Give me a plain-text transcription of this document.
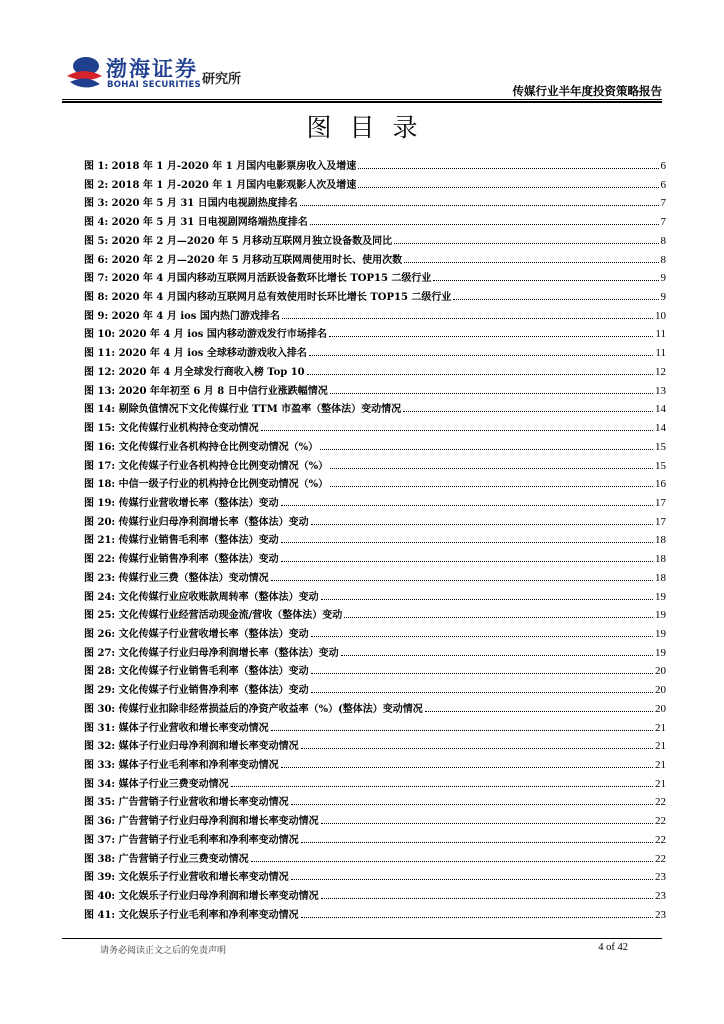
渤海证券
BOHAI SECURITIES 研究所
传媒行业半年度投资策略报告
图目录
图 1: 2018 年 1 月-2020 年 1 月国内电影票房收入及增速	6
图 2: 2018 年 1 月-2020 年 1 月国内电影观影人次及增速	6
图 3: 2020 年 5 月 31 日国内电视剧热度排名	7
图 4: 2020 年 5 月 31 日电视剧网络端热度排名	7
图 5: 2020 年 2 月—2020 年 5 月移动互联网月独立设备数及同比	8
图 6: 2020 年 2 月—2020 年 5 月移动互联网周使用时长、使用次数	8
图 7: 2020 年 4 月国内移动互联网月活跃设备数环比增长 TOP15 二级行业	9
图 8: 2020 年 4 月国内移动互联网月总有效使用时长环比增长 TOP15 二级行业	9
图 9: 2020 年 4 月 ios 国内热门游戏排名	10
图 10: 2020 年 4 月 ios 国内移动游戏发行市场排名	11
图 11: 2020 年 4 月 ios 全球移动游戏收入排名	11
图 12: 2020 年 4 月全球发行商收入榜 Top 10	12
图 13: 2020 年年初至 6 月 8 日中信行业涨跌幅情况	13
图 14: 剔除负值情况下文化传媒行业 TTM 市盈率（整体法）变动情况	14
图 15: 文化传媒行业机构持仓变动情况	14
图 16: 文化传媒行业各机构持仓比例变动情况（%）	15
图 17: 文化传媒子行业各机构持仓比例变动情况（%）	15
图 18: 中信一级子行业的机构持仓比例变动情况（%）	16
图 19: 传媒行业营收增长率（整体法）变动	17
图 20: 传媒行业归母净利润增长率（整体法）变动	17
图 21: 传媒行业销售毛利率（整体法）变动	18
图 22: 传媒行业销售净利率（整体法）变动	18
图 23: 传媒行业三费（整体法）变动情况	18
图 24: 文化传媒行业应收账款周转率（整体法）变动	19
图 25: 文化传媒行业经营活动现金流/营收（整体法）变动	19
图 26: 文化传媒子行业营收增长率（整体法）变动	19
图 27: 文化传媒子行业归母净利润增长率（整体法）变动	19
图 28: 文化传媒子行业销售毛利率（整体法）变动	20
图 29: 文化传媒子行业销售净利率（整体法）变动	20
图 30: 传媒行业扣除非经常损益后的净资产收益率（%）(整体法）变动情况	20
图 31: 媒体子行业营收和增长率变动情况	21
图 32: 媒体子行业归母净利润和增长率变动情况	21
图 33: 媒体子行业毛利率和净利率变动情况	21
图 34: 媒体子行业三费变动情况	21
图 35: 广告营销子行业营收和增长率变动情况	22
图 36: 广告营销子行业归母净利润和增长率变动情况	22
图 37: 广告营销子行业毛利率和净利率变动情况	22
图 38: 广告营销子行业三费变动情况	22
图 39: 文化娱乐子行业营收和增长率变动情况	23
图 40: 文化娱乐子行业归母净利润和增长率变动情况	23
图 41: 文化娱乐子行业毛利率和净利率变动情况	23
请务必阅读正文之后的免责声明	4 of 42
